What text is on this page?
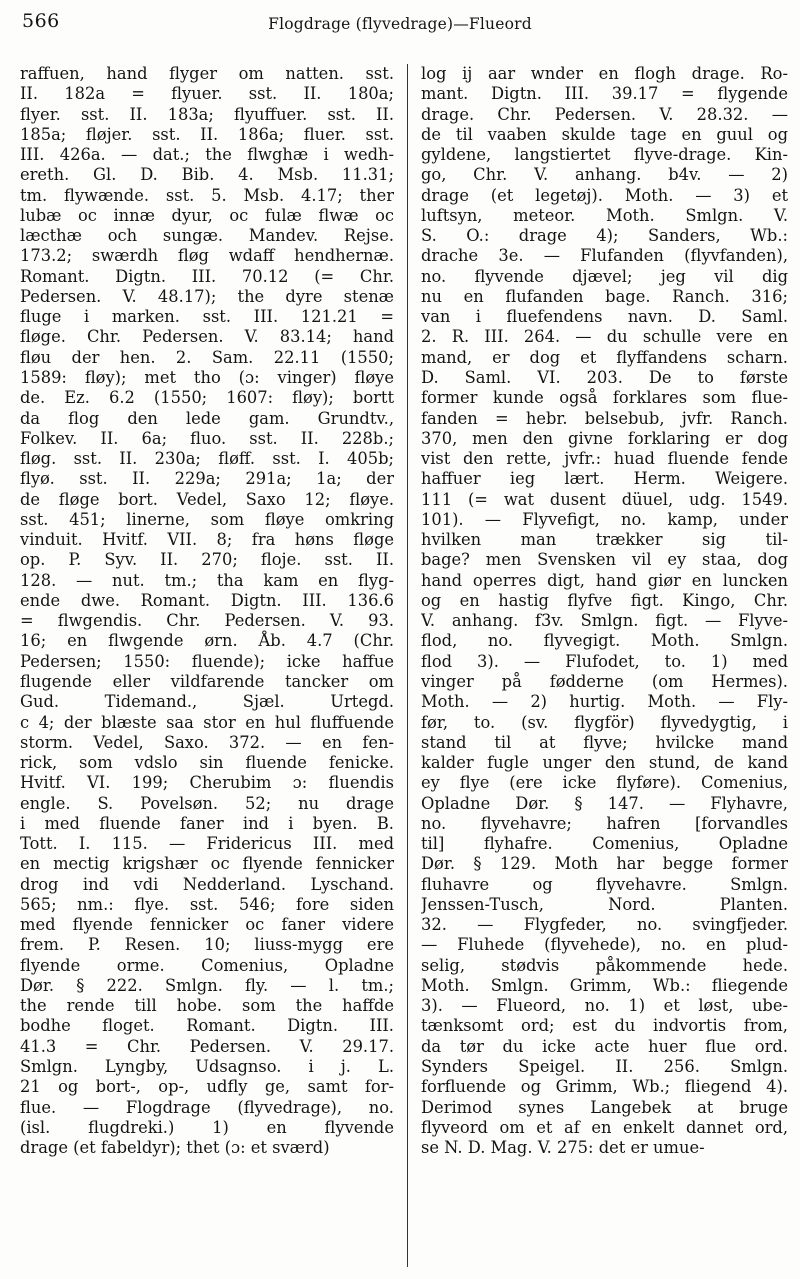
566	Flogdrage (flyvedrage)—Flueord
raffuen, hand flyger om natten. sst.
II. 182a = flyuer. sst. II. 180a;
flyer. sst. II. 183a; flyuffuer. sst. II.
185a; fløjer. sst. II. 186a; fluer. sst.
III. 426a. — dat.; the flwghæ i wedh-
ereth. Gl. D. Bib. 4. Msb. 11.31;
tm. flywænde. sst. 5. Msb. 4.17; ther
lubæ oc innæ dyur, oc fulæ flwæ oc
læcthæ och sungæ. Mandev. Rejse.
173.2; swærdh fløg wdaff hendhernæ.
Romant. Digtn. III. 70.12 (= Chr.
Pedersen. V. 48.17); the dyre stenæ
fluge i marken. sst. III. 121.21 =
fløge. Chr. Pedersen. V. 83.14; hand
fløu der hen. 2. Sam. 22.11 (1550;
1589: fløy); met tho (ɔ: vinger) fløye
de. Ez. 6.2 (1550; 1607: fløy); bortt
da flog den lede gam. Grundtv.,
Folkev. II. 6a; fluo. sst. II. 228b.;
fløg. sst. II. 230a; fløff. sst. I. 405b;
flyø. sst. II. 229a; 291a; 1a; der
de fløge bort. Vedel, Saxo 12; fløye.
sst. 451; linerne, som fløye omkring
vinduit. Hvitf. VII. 8; fra høns fløge
op. P. Syv. II. 270; floje. sst. II.
128. — nut. tm.; tha kam en flyg-
ende dwe. Romant. Digtn. III. 136.6
= flwgendis. Chr. Pedersen. V. 93.
16; en flwgende ørn. Åb. 4.7 (Chr.
Pedersen; 1550: fluende); icke haffue
flugende eller vildfarende tancker om
Gud. Tidemand., Sjæl. Urtegd.
c 4; der blæste saa stor en hul fluffuende
storm. Vedel, Saxo. 372. — en fen-
rick, som vdslo sin fluende fenicke.
Hvitf. VI. 199; Cherubim ɔ: fluendis
engle. S. Povelsøn. 52; nu drage
i med fluende faner ind i byen. B.
Tott. I. 115. — Fridericus III. med
en mectig krigshær oc flyende fennicker
drog ind vdi Nedderland. Lyschand.
565; nm.: flye. sst. 546; fore siden
med flyende fennicker oc faner videre
frem. P. Resen. 10; liuss-mygg ere
flyende orme. Comenius, Opladne
Dør. § 222. Smlgn. fly. — l. tm.;
the rende till hobe. som the haffde
bodhe floget. Romant. Digtn. III.
41.3 = Chr. Pedersen. V. 29.17.
Smlgn. Lyngby, Udsagnso. i j. L.
21 og bort-, op-, udfly ge, samt for-
flue. — Flogdrage (flyvedrage), no.
(isl. flugdreki.) 1) en flyvende
drage (et fabeldyr); thet (ɔ: et sværd)
log ij aar wnder en flogh drage. Ro-
mant. Digtn. III. 39.17 = flygende
drage. Chr. Pedersen. V. 28.32. —
de til vaaben skulde tage en guul og
gyldene, langstiertet flyve-drage. Kin-
go, Chr. V. anhang. b4v. — 2)
drage (et legetøj). Moth. — 3) et
luftsyn, meteor. Moth. Smlgn. V.
S. O.: drage 4); Sanders, Wb.:
drache 3e. — Flufanden (flyvfanden),
no. flyvende djævel; jeg vil dig
nu en flufanden bage. Ranch. 316;
van i fluefendens navn. D. Saml.
2. R. III. 264. — du schulle vere en
mand, er dog et flyffandens scharn.
D. Saml. VI. 203. De to første
former kunde også forklares som flue-
fanden = hebr. belsebub, jvfr. Ranch.
370, men den givne forklaring er dog
vist den rette, jvfr.: huad fluende fende
haffuer ieg lært. Herm. Weigere.
111 (= wat dusent düuel, udg. 1549.
101). — Flyvefigt, no. kamp, under
hvilken man trækker sig til-
bage? men Svensken vil ey staa, dog
hand operres digt, hand giør en luncken
og en hastig flyfve figt. Kingo, Chr.
V. anhang. f3v. Smlgn. figt. — Flyve-
flod, no. flyvegigt. Moth. Smlgn.
flod 3). — Flufodet, to. 1) med
vinger på fødderne (om Hermes).
Moth. — 2) hurtig. Moth. — Fly-
før, to. (sv. flygför) flyvedygtig, i
stand til at flyve; hvilcke mand
kalder fugle unger den stund, de kand
ey flye (ere icke flyføre). Comenius,
Opladne Dør. § 147. — Flyhavre,
no. flyvehavre; hafren [forvandles
til] flyhafre. Comenius, Opladne
Dør. § 129. Moth har begge former
fluhavre og flyvehavre. Smlgn.
Jenssen-Tusch, Nord. Planten.
32. — Flygfeder, no. svingfjeder.
— Fluhede (flyvehede), no. en plud-
selig, stødvis påkommende hede.
Moth. Smlgn. Grimm, Wb.: fliegende
3). — Flueord, no. 1) et løst, ube-
tænksomt ord; est du indvortis from,
da tør du icke acte huer flue ord.
Synders Speigel. II. 256. Smlgn.
forfluende og Grimm, Wb.; fliegend 4).
Derimod synes Langebek at bruge
flyveord om et af en enkelt dannet ord,
se N. D. Mag. V. 275: det er umue-
